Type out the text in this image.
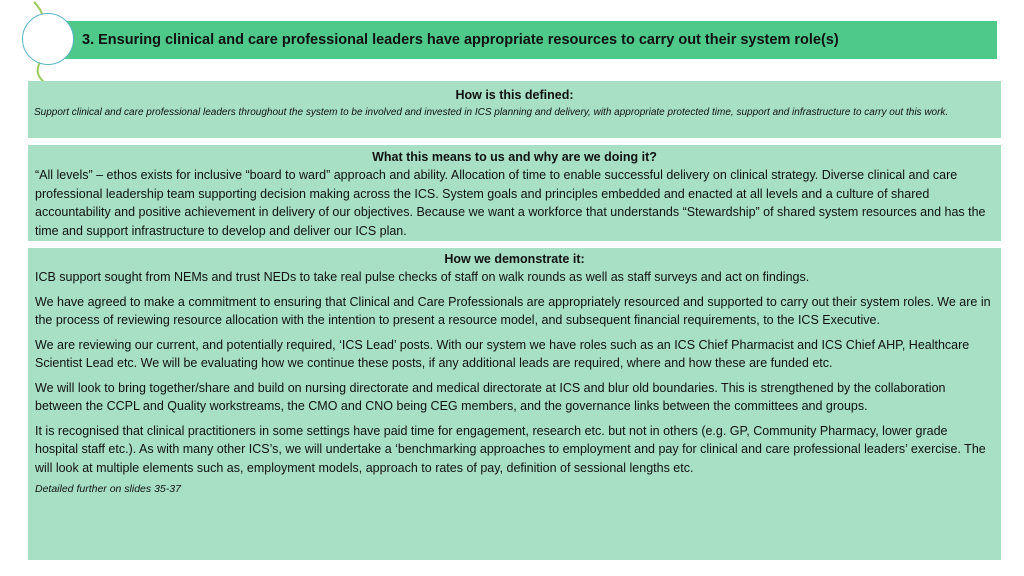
3. Ensuring clinical and care professional leaders have appropriate resources to carry out their system role(s)
How is this defined:
Support clinical and care professional leaders throughout the system to be involved and invested in ICS planning and delivery, with appropriate protected time, support and infrastructure to carry out this work.
What this means to us and why are we doing it?
“All levels” – ethos exists for inclusive “board to ward” approach and ability. Allocation of time to enable successful delivery on clinical strategy. Diverse clinical and care professional leadership team supporting decision making across the ICS. System goals and principles embedded and enacted at all levels and a culture of shared accountability and positive achievement in delivery of our objectives. Because we want a workforce that understands “Stewardship” of shared system resources and has the time and support infrastructure to develop and deliver our ICS plan.
How we demonstrate it:
ICB support sought from NEMs and trust NEDs to take real pulse checks of staff on walk rounds as well as staff surveys and act on findings.
We have agreed to make a commitment to ensuring that Clinical and Care Professionals are appropriately resourced and supported to carry out their system roles. We are in the process of reviewing resource allocation with the intention to present a resource model, and subsequent financial requirements, to the ICS Executive.
We are reviewing our current, and potentially required, ‘ICS Lead’ posts. With our system we have roles such as an ICS Chief Pharmacist and ICS Chief AHP, Healthcare Scientist Lead etc. We will be evaluating how we continue these posts, if any additional leads are required, where and how these are funded etc.
We will look to bring together/share and build on nursing directorate and medical directorate at ICS and blur old boundaries. This is strengthened by the collaboration between the CCPL and Quality workstreams, the CMO and CNO being CEG members, and the governance links between the committees and groups.
It is recognised that clinical practitioners in some settings have paid time for engagement, research etc. but not in others (e.g. GP, Community Pharmacy, lower grade hospital staff etc.). As with many other ICS’s, we will undertake a ‘benchmarking approaches to employment and pay for clinical and care professional leaders’ exercise. The will look at multiple elements such as, employment models, approach to rates of pay, definition of sessional lengths etc.
Detailed further on slides 35-37
